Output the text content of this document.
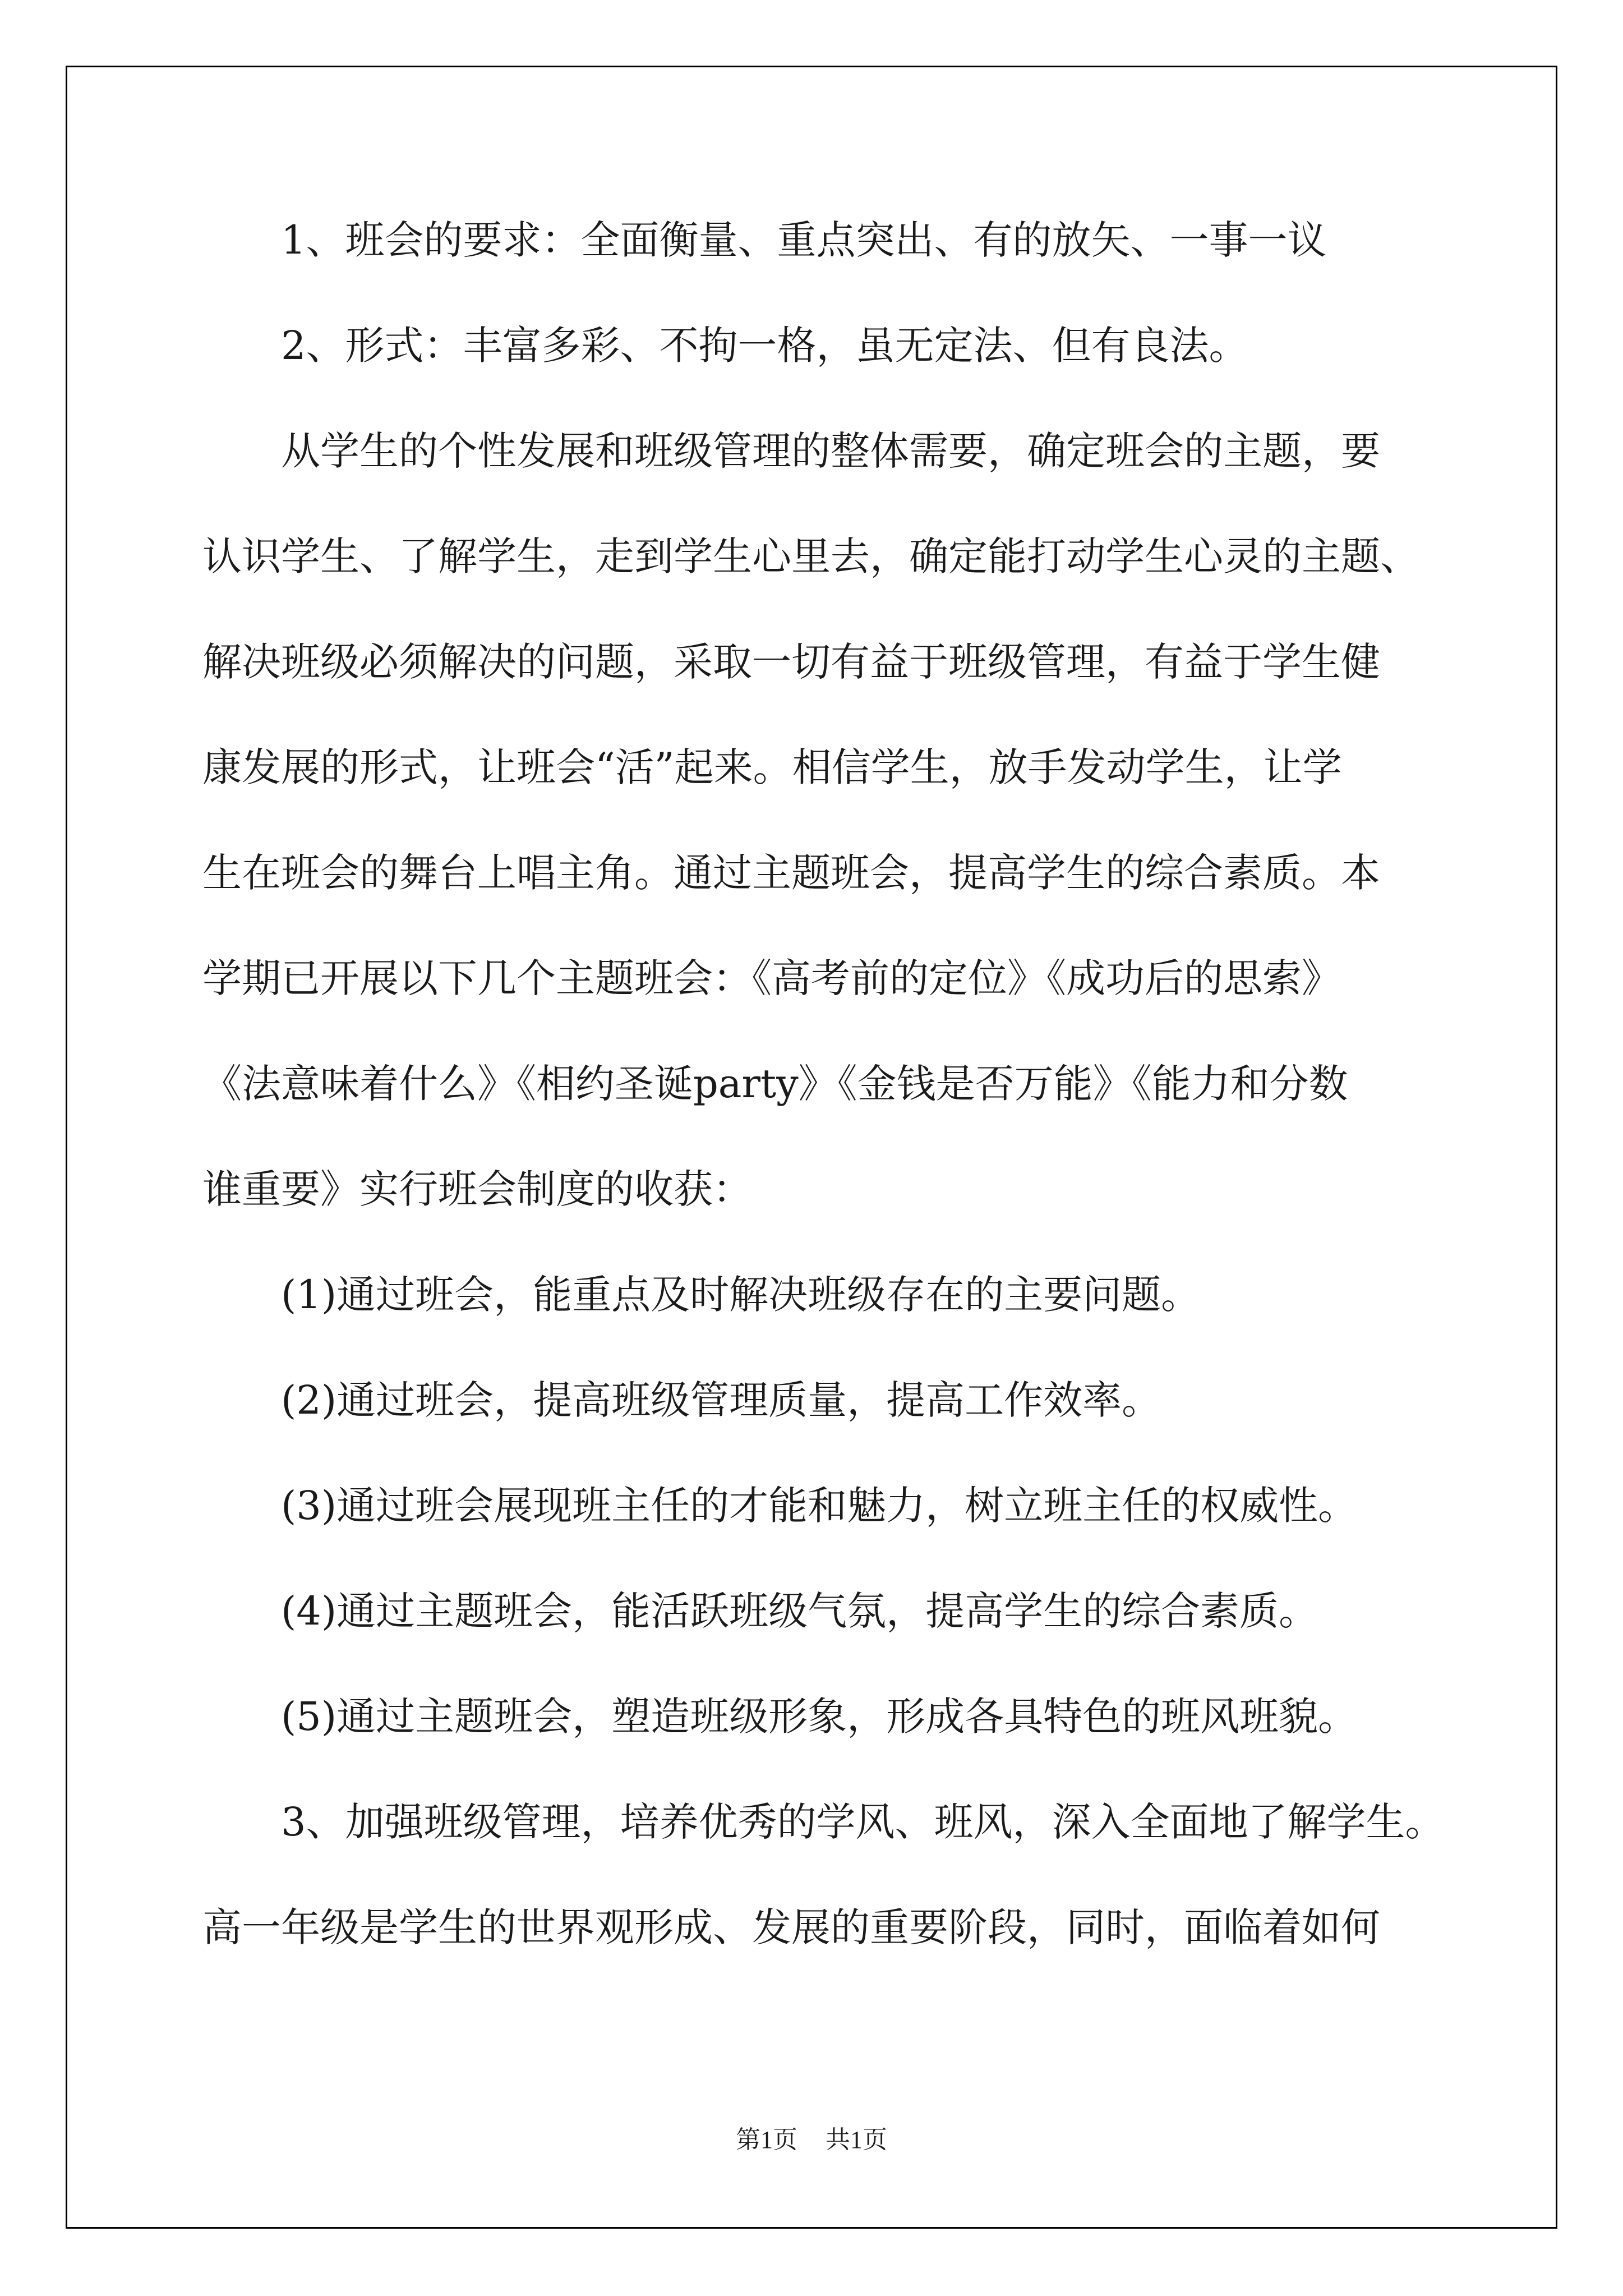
1、班会的要求：全面衡量、重点突出、有的放矢、一事一议
2、形式：丰富多彩、不拘一格，虽无定法、但有良法。
从学生的个性发展和班级管理的整体需要，确定班会的主题，要
认识学生、了解学生，走到学生心里去，确定能打动学生心灵的主题、
解决班级必须解决的问题，采取一切有益于班级管理，有益于学生健
康发展的形式，让班会“活”起来。相信学生，放手发动学生，让学
生在班会的舞台上唱主角。通过主题班会，提高学生的综合素质。本
学期已开展以下几个主题班会：《高考前的定位》《成功后的思索》
《法意味着什么》《相约圣诞party》《金钱是否万能》《能力和分数
谁重要》实行班会制度的收获：
(1)通过班会，能重点及时解决班级存在的主要问题。
(2)通过班会，提高班级管理质量，提高工作效率。
(3)通过班会展现班主任的才能和魅力，树立班主任的权威性。
(4)通过主题班会，能活跃班级气氛，提高学生的综合素质。
(5)通过主题班会，塑造班级形象，形成各具特色的班风班貌。
3、加强班级管理，培养优秀的学风、班风，深入全面地了解学生。
高一年级是学生的世界观形成、发展的重要阶段，同时，面临着如何
第1页 共1页
